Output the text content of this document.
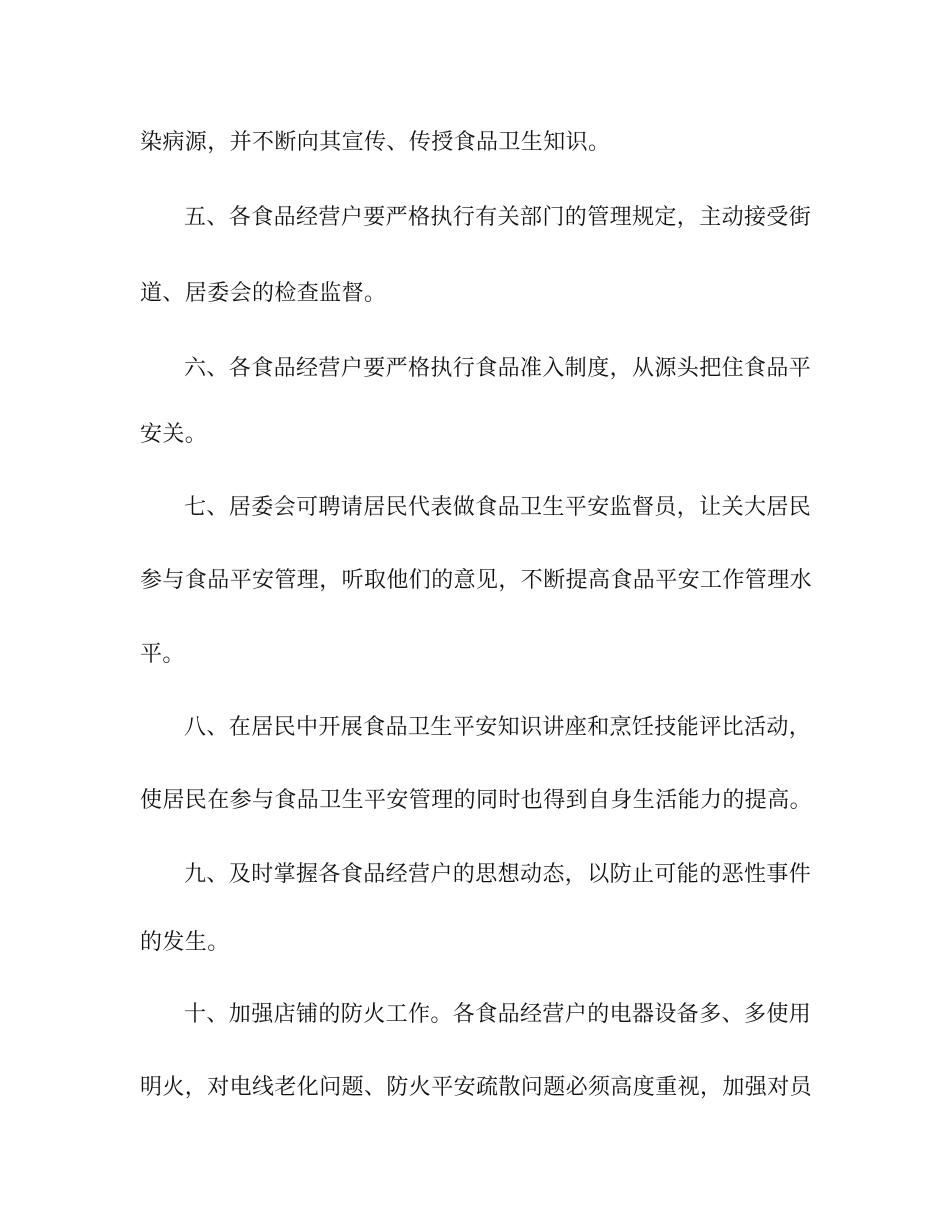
染病源，并不断向其宣传、传授食品卫生知识。
五、各食品经营户要严格执行有关部门的管理规定，主动接受街
道、居委会的检查监督。
六、各食品经营户要严格执行食品准入制度，从源头把住食品平
安关。
七、居委会可聘请居民代表做食品卫生平安监督员，让关大居民
参与食品平安管理，听取他们的意见，不断提高食品平安工作管理水
平。
八、在居民中开展食品卫生平安知识讲座和烹饪技能评比活动，
使居民在参与食品卫生平安管理的同时也得到自身生活能力的提高。
九、及时掌握各食品经营户的思想动态，以防止可能的恶性事件
的发生。
十、加强店铺的防火工作。各食品经营户的电器设备多、多使用
明火，对电线老化问题、防火平安疏散问题必须高度重视，加强对员
